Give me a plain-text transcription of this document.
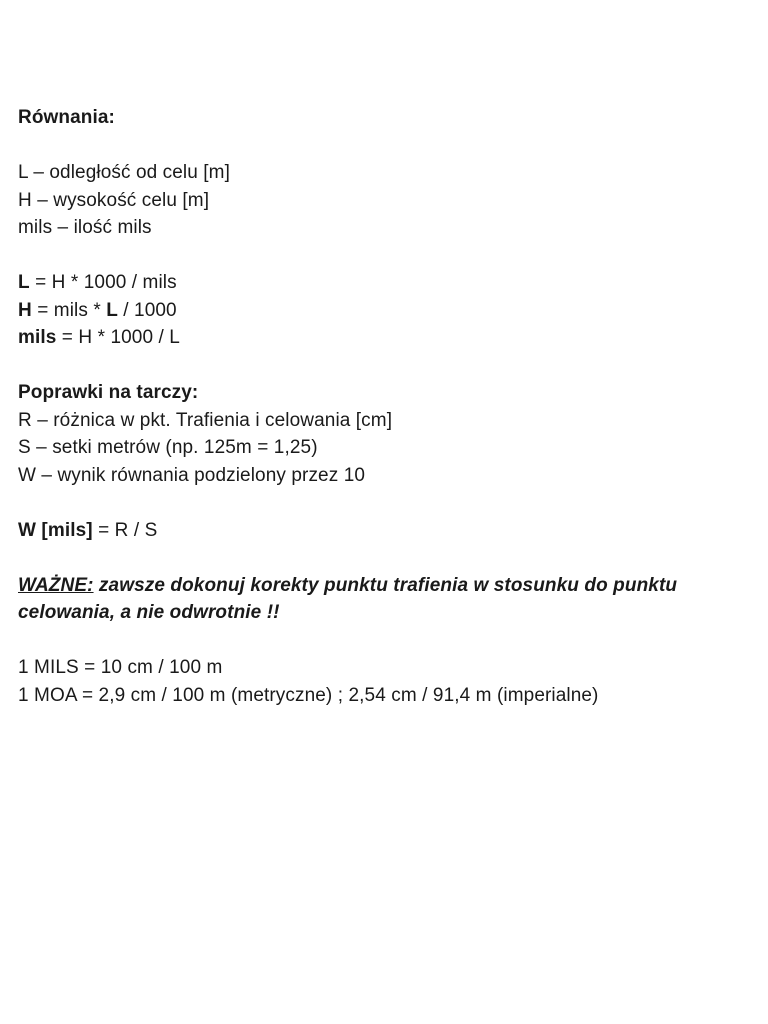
Równania:
L – odległość od celu [m]
H – wysokość celu [m]
mils – ilość mils
L = H * 1000 / mils
H = mils * L / 1000
mils = H * 1000 / L
Poprawki na tarczy:
R – różnica w pkt. Trafienia i celowania [cm]
S – setki metrów (np. 125m = 1,25)
W – wynik równania podzielony przez 10
W [mils] = R / S
WAŻNE: zawsze dokonuj korekty punktu trafienia w stosunku do punktu celowania, a nie odwrotnie !!
1 MILS = 10 cm / 100 m
1 MOA = 2,9 cm / 100 m (metryczne) ; 2,54 cm / 91,4 m (imperialne)
